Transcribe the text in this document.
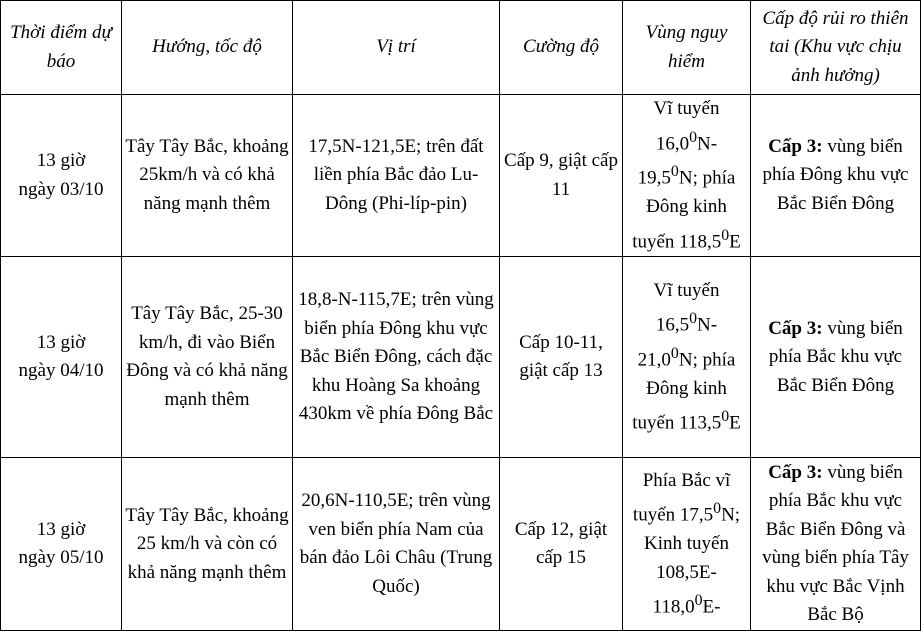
Thời điểm dự báo	Hướng, tốc độ	Vị trí	Cường độ	Vùng nguy hiểm	Cấp độ rủi ro thiên tai (Khu vực chịu ảnh hưởng)

13 giờ
ngày 03/10	Tây Tây Bắc, khoảng 25km/h và có khả năng mạnh thêm	17,5N-121,5E; trên đất liền phía Bắc đảo Lu-Dông (Phi-líp-pin)	Cấp 9, giật cấp 11	Vĩ tuyến 16,0$^0$N-19,5$^0$N; phía Đông kinh tuyến 118,5$^0$E	Cấp 3: vùng biển phía Đông khu vực Bắc Biển Đông

13 giờ
ngày 04/10	Tây Tây Bắc, 25-30 km/h, đi vào Biển Đông và có khả năng mạnh thêm	18,8-N-115,7E; trên vùng biển phía Đông khu vực Bắc Biển Đông, cách đặc khu Hoàng Sa khoảng 430km về phía Đông Bắc	Cấp 10-11, giật cấp 13	Vĩ tuyến 16,5$^0$N-21,0$^0$N; phía Đông kinh tuyến 113,5$^0$E	Cấp 3: vùng biển phía Bắc khu vực Bắc Biển Đông

13 giờ
ngày 05/10	Tây Tây Bắc, khoảng 25 km/h và còn có khả năng mạnh thêm	20,6N-110,5E; trên vùng ven biển phía Nam của bán đảo Lôi Châu (Trung Quốc)	Cấp 12, giật cấp 15	Phía Bắc vĩ tuyến 17,5$^0$N; Kinh tuyến 108,5E-118,0$^0$E-	Cấp 3: vùng biển phía Bắc khu vực Bắc Biển Đông và vùng biển phía Tây khu vực Bắc Vịnh Bắc Bộ
